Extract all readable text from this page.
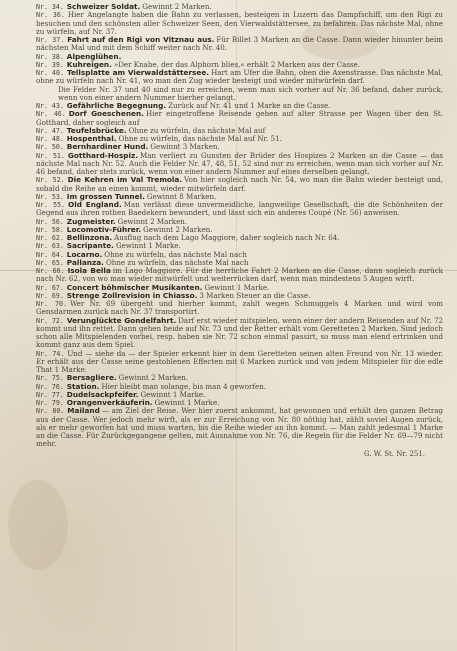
Nr. 34. Schweizer Soldat. Gewinnt 2 Marken.
Nr. 36. Hier Angelangte haben die Bahn zu verlassen, besteigen in Luzern das Dampfschiff, um den Rigi zu besuchen und den schönsten aller Schweizer Seen, den Vierwaldstättersee, zu befahren. Das nächste Mal, ohne zu würfeln, auf Nr. 37.
Nr. 37. Fahrt auf den Rigi von Vitznau aus. Für Billet 3 Marken an die Casse. Dann wieder hinunter beim nächsten Mal und mit dem Schiff weiter nach Nr. 40.
Nr. 38. Alpenglühen.
Nr. 39. Kuhreigen. »Der Knabe, der das Alphorn blies,« erhält 2 Marken aus der Casse.
Nr. 40. Tellsplatte am Vierwaldstättersee. Hart am Ufer die Bahn, oben die Axenstrasse. Das nächste Mal, ohne zu würfeln nach Nr. 41, wo man den Zug wieder besteigt und wieder mitwürfeln darf.
Die Felder Nr. 37 und 40 sind nur zu erreichen, wenn man sich vorher auf Nr. 36 befand, daher zurück, wenn von einer andern Nummer hierher gelangt.
Nr. 43. Gefährliche Begegnung. Zurück auf Nr. 41 und 1 Marke an die Casse.
Nr. 46. Dorf Goeschenen. Hier eingetroffene Reisende gehen auf alter Strasse per Wagen über den St. Gotthard, daher sogleich auf
Nr. 47. Teufelsbrücke. Ohne zu würfeln, das nächste Mal auf
Nr. 48. Hospenthal. Ohne zu würfeln, das nächste Mal auf Nr. 51.
Nr. 50. Bernhardiner Hund. Gewinnt 3 Marken.
Nr. 51. Gotthard-Hospiz. Man verliert zu Gunsten der Brüder des Hospizes 2 Marken an die Casse — das nächste Mal nach Nr. 52. Auch die Felder Nr. 47, 48, 51, 52 sind nur zu erreichen, wenn man sich vorher auf Nr. 46 befand, daher stets zurück, wenn von einer andern Nummer auf eines derselben gelangt.
Nr. 52. Die Kehren im Val Tremola. Von hier sogleich nach Nr. 54, wo man die Bahn wieder besteigt und, sobald die Reihe an einen kommt, wieder mitwürfeln darf.
Nr. 53. Im grossen Tunnel. Gewinnt 8 Marken.
Nr. 55. Old England. Man verlässt diese unvermeidliche, langweilige Gesellschaft, die die Schönheiten der Gegend aus ihren rothen Baedekern bewundert, und lässt sich ein anderes Coupé (Nr. 56) anweisen.
Nr. 56. Zugmeister. Gewinnt 2 Marken.
Nr. 58. Locomotiv-Führer. Gewinnt 2 Marken.
Nr. 62. Bellinzona. Ausflug nach dem Lago Maggiore, daher sogleich nach Nr. 64.
Nr. 63. Sacripante. Gewinnt 1 Marke.
Nr. 64. Locarno. Ohne zu würfeln, das nächste Mal nach
Nr. 65. Pallanza. Ohne zu würfeln, das nächste Mal nach
Nr. 66. Isola Bella im Lago Maggiore. Für die herrliche Fahrt 2 Marken an die Casse, dann sogleich zurück nach Nr. 62, von wo man wieder mitwürfelt und weiterrücken darf, wenn man mindestens 5 Augen wirft.
Nr. 67. Concert böhmischer Musikanten. Gewinnt 1 Marke.
Nr. 69. Strenge Zollrevision in Chiasso. 3 Marken Steuer an die Casse.
Nr. 70. Wer Nr. 69 übergeht und hierher kommt, zahlt wegen Schmuggels 4 Marken und wird vom Gensdarmen zurück nach Nr. 37 transportirt.
Nr. 72. Verunglückte Gondelfahrt. Darf erst wieder mitspielen, wenn einer der andern Reisenden auf Nr. 72 kommt und ihn rettet. Dann gehen beide auf Nr. 73 und der Retter erhält vom Geretteten 2 Marken. Sind jedoch schon alle Mitspielenden vorbei, resp. haben sie Nr. 72 schon einmal passirt, so muss man elend ertrinken und kommt ganz aus dem Spiel.
Nr. 74. Und — siehe da — der Spieler erkennt hier in dem Geretteten seinen alten Freund von Nr. 13 wieder. Er erhält aus der Casse seine gestohlenen Effecten mit 6 Marken zurück und von jedem Mitspieler für die edle That 1 Marke.
Nr. 75. Bersagliere. Gewinnt 2 Marken.
Nr. 76. Station. Hier bleibt man solange, bis man 4 geworfen.
Nr. 77. Dudelsackpfeifer. Gewinnt 1 Marke.
Nr. 79. Orangenverkäuferin. Gewinnt 1 Marke.
Nr. 80. Mailand — am Ziel der Reise. Wer hier zuerst ankommt, hat gewonnen und erhält den ganzen Betrag aus der Casse. Wer jedoch mehr wirft, als er zur Erreichung von Nr. 80 nöthig hat, zählt soviel Augen zurück, als er mehr geworfen hat und muss warten, bis die Reihe wieder an ihn kommt. — Man zahlt jedesmal 1 Marke an die Casse. Für Zurückgegangene gelten, mit Ausnahme von Nr. 76, die Regeln für die Felder Nr. 69—79 nicht mehr.
G. W. St. Nr. 251.
